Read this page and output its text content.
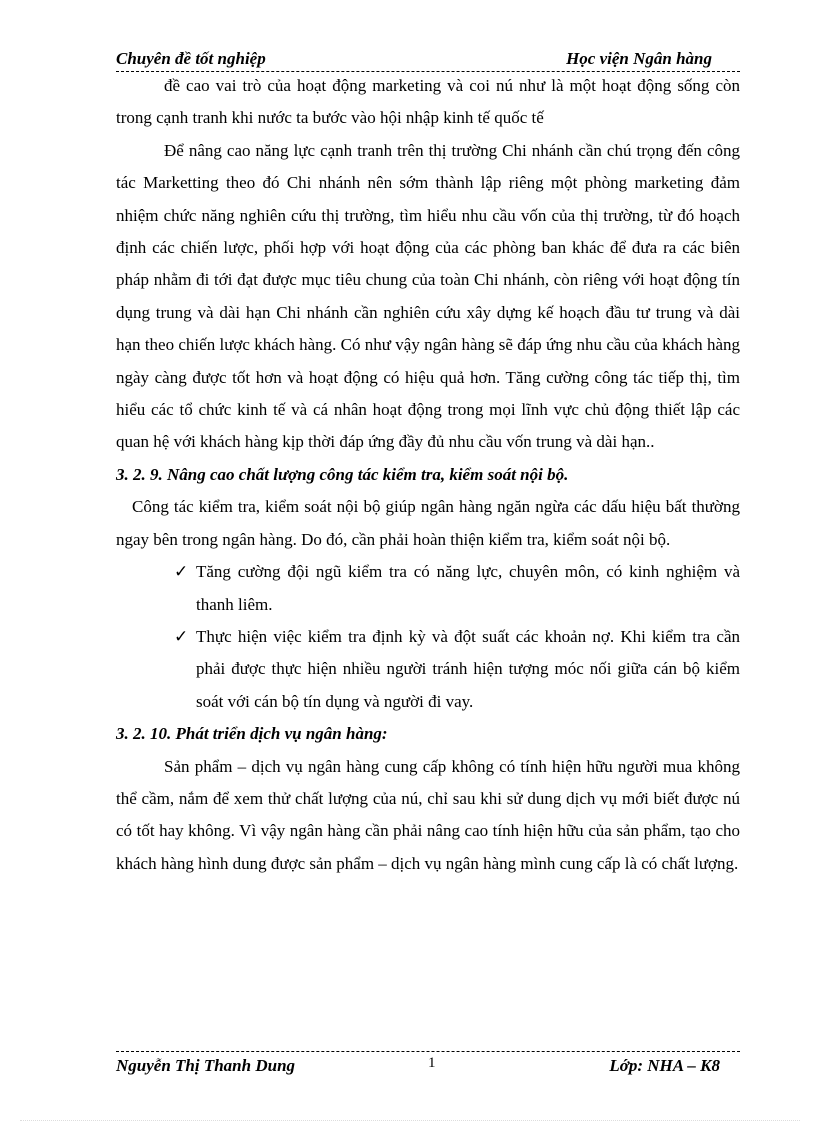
Chuyên đề tốt nghiệp	Học viện Ngân hàng

đề cao vai trò của hoạt động marketing và coi nú như là một hoạt động sống còn trong cạnh tranh khi nước ta bước vào hội nhập kinh tế quốc tế

Để nâng cao năng lực cạnh tranh trên thị trường Chi nhánh cần chú trọng đến công tác Marketting theo đó Chi nhánh nên sớm thành lập riêng một phòng marketing đảm nhiệm chức năng nghiên cứu thị trường, tìm hiểu nhu cầu vốn của thị trường, từ đó hoạch định các chiến lược, phối hợp với hoạt động của các phòng ban khác để đưa ra các biên pháp nhằm đi tới đạt được mục tiêu chung của toàn Chi nhánh, còn riêng với hoạt động tín dụng trung và dài hạn Chi nhánh cần nghiên cứu xây dựng kế hoạch đầu tư trung và dài hạn theo chiến lược khách hàng. Có như vậy ngân hàng sẽ đáp ứng nhu cầu của khách hàng ngày càng được tốt hơn và hoạt động có hiệu quả hơn. Tăng cường công tác tiếp thị, tìm hiểu các tổ chức kinh tế và cá nhân hoạt động trong mọi lĩnh vực chủ động thiết lập các quan hệ với khách hàng kịp thời đáp ứng đầy đủ nhu cầu vốn trung và dài hạn..

3. 2. 9. Nâng cao chất lượng công tác kiểm tra, kiểm soát nội bộ.

Công tác kiểm tra, kiểm soát nội bộ giúp ngân hàng ngăn ngừa các dấu hiệu bất thường ngay bên trong ngân hàng. Do đó, cần phải hoàn thiện kiểm tra, kiểm soát nội bộ.

✓ Tăng cường đội ngũ kiểm tra có năng lực, chuyên môn, có kinh nghiệm và thanh liêm.

✓ Thực hiện việc kiểm tra định kỳ và đột suất các khoản nợ. Khi kiểm tra cần phải được thực hiện nhiều người tránh hiện tượng móc nối giữa cán bộ kiểm soát với cán bộ tín dụng và người đi vay.

3. 2. 10. Phát triển dịch vụ ngân hàng:

Sản phẩm – dịch vụ ngân hàng cung cấp không có tính hiện hữu người mua không thể cầm, nắm để xem thử chất lượng của nú, chỉ sau khi sử dung dịch vụ mới biết được nú có tốt hay không. Vì vậy ngân hàng cần phải nâng cao tính hiện hữu của sản phẩm, tạo cho khách hàng hình dung được sản phẩm – dịch vụ ngân hàng mình cung cấp là có chất lượng.

Nguyễn Thị Thanh Dung	1	Lớp: NHA – K8
